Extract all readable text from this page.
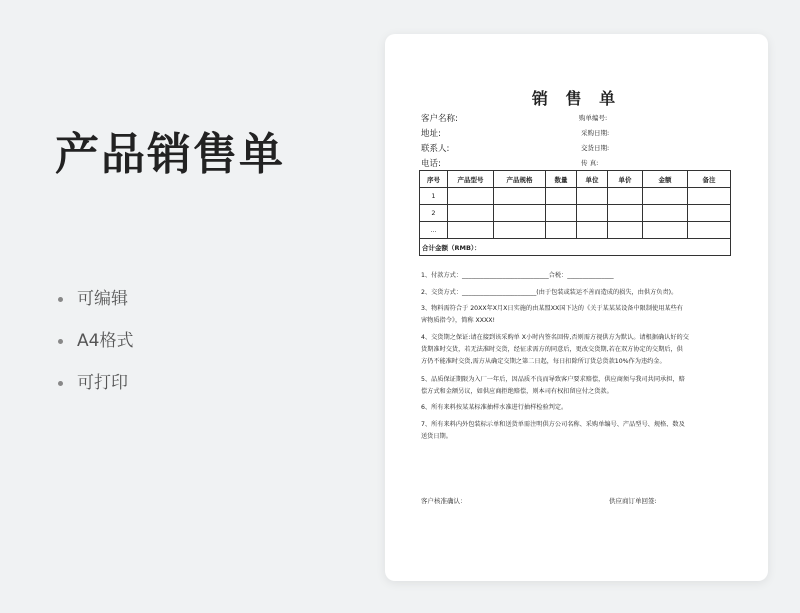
产品销售单
可编辑
A4格式
可打印
销 售 单
客户名称:
地址:
联系人:
电话:
购单编号:
采购日期:
交货日期:
传 真:
序号	产品型号	产品规格	数量	单位	单价	金额	备注
1							
2							
...							
合计金额（RMB）：							
1、付款方式：____________________________合税：_______________
2、交货方式：________________________(由于包装或装运不善而造成的损失，由供方负责)。
3、物料需符合于 20XX年X月X日实施的由某盟XX国下达的《关于某某某设备中限制使用某些有
害物质指令》，简称 XXXX!
4、交货期之保证:请在接到该采购单 X小时内签名回传,否则需方视供方为默认。请根据确认好的交
货期准时交货，若无法准时交货，经征求需方的同意后，更改交货期,若在双方协定的交期后，供
方仍不能准时交货,需方从确定交期之第二日起，每日扣除所订货总货款10%作为违约金。
5、品质保证期限为入厂一年后，因品质不良而导致客户要求赔偿，供应商须与我司共同承担，赔
偿方式和金额另议，如供应商拒绝赔偿，则本司有权扣留应付之货款。
6、所有来料按某某标准抽样水准进行抽样检验判定。
7、所有来料内外包装标示单和送货单需注明供方公司名称、采购单编号、产品型号、规格、数及
送货日期。
客户核准确认：	供应商订单回签:
